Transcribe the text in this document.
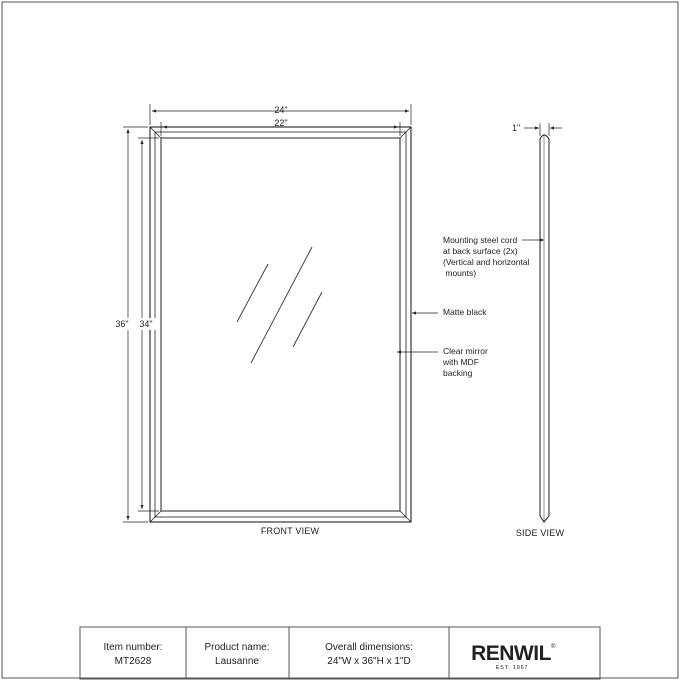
24"
22"
36" 34"
FRONT VIEW
1"
SIDE VIEW
Mounting steel cord
at back surface (2x)
(Vertical and horizontal
mounts)
Matte black
Clear mirror
with MDF
backing
Item number:
MT2628
Product name:
Lausanne
Overall dimensions:
24"W x 36"H x 1"D	RENWIL ®
EST. 1967
